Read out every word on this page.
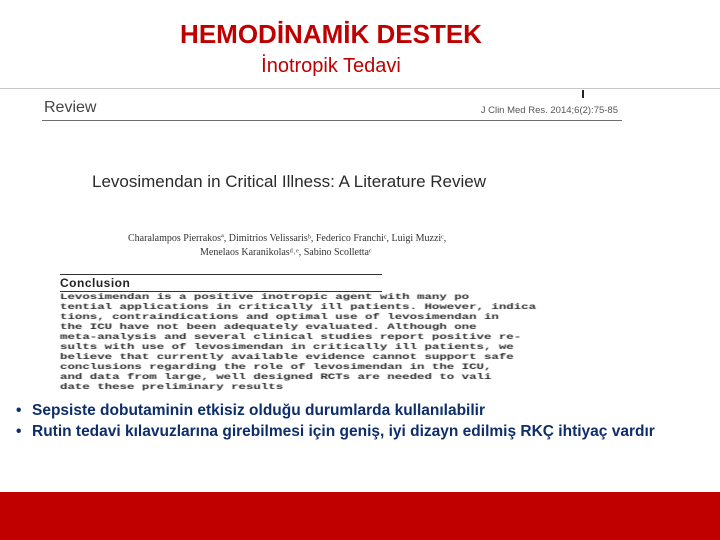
HEMODİNAMİK DESTEK
İnotropik Tedavi
Review	J Clin Med Res. 2014;6(2):75-85
Levosimendan in Critical Illness: A Literature Review
Charalampos Pierrakosª, Dimitrios Velissarisᵇ, Federico Franchiᶜ, Luigi Muzziᶜ,
Menelaos Karanikolasᵈ˒ᵉ, Sabino Scollettaᶜ
Conclusion
Levosimendan is a positive inotropic agent with many po
tential applications in critically ill patients. However, indica
tions, contraindications and optimal use of levosimendan in
the ICU have not been adequately evaluated. Although one
meta-analysis and several clinical studies report positive re-
sults with use of levosimendan in critically ill patients, we
believe that currently available evidence cannot support safe
conclusions regarding the role of levosimendan in the ICU,
and data from large, well designed RCTs are needed to vali
date these preliminary results
• Sepsiste dobutaminin etkisiz olduğu durumlarda kullanılabilir
• Rutin tedavi kılavuzlarına girebilmesi için geniş, iyi dizayn edilmiş RKÇ ihtiyaç vardır
